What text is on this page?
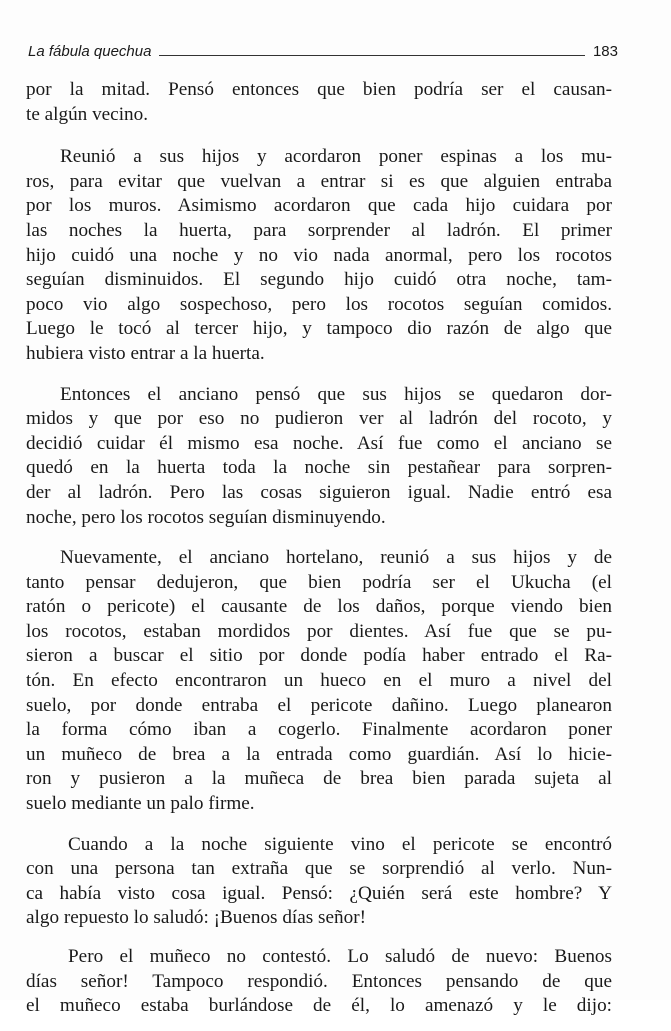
La fábula quechua	183

por la mitad. Pensó entonces que bien podría ser el causan-
te algún vecino.

Reunió a sus hijos y acordaron poner espinas a los mu-
ros, para evitar que vuelvan a entrar si es que alguien entraba
por los muros. Asimismo acordaron que cada hijo cuidara por
las noches la huerta, para sorprender al ladrón. El primer
hijo cuidó una noche y no vio nada anormal, pero los rocotos
seguían disminuidos. El segundo hijo cuidó otra noche, tam-
poco vio algo sospechoso, pero los rocotos seguían comidos.
Luego le tocó al tercer hijo, y tampoco dio razón de algo que
hubiera visto entrar a la huerta.

Entonces el anciano pensó que sus hijos se quedaron dor-
midos y que por eso no pudieron ver al ladrón del rocoto, y
decidió cuidar él mismo esa noche. Así fue como el anciano se
quedó en la huerta toda la noche sin pestañear para sorpren-
der al ladrón. Pero las cosas siguieron igual. Nadie entró esa
noche, pero los rocotos seguían disminuyendo.

Nuevamente, el anciano hortelano, reunió a sus hijos y de
tanto pensar dedujeron, que bien podría ser el Ukucha (el
ratón o pericote) el causante de los daños, porque viendo bien
los rocotos, estaban mordidos por dientes. Así fue que se pu-
sieron a buscar el sitio por donde podía haber entrado el Ra-
tón. En efecto encontraron un hueco en el muro a nivel del
suelo, por donde entraba el pericote dañino. Luego planearon
la forma cómo iban a cogerlo. Finalmente acordaron poner
un muñeco de brea a la entrada como guardián. Así lo hicie-
ron y pusieron a la muñeca de brea bien parada sujeta al
suelo mediante un palo firme.

Cuando a la noche siguiente vino el pericote se encontró
con una persona tan extraña que se sorprendió al verlo. Nun-
ca había visto cosa igual. Pensó: ¿Quién será este hombre? Y
algo repuesto lo saludó: ¡Buenos días señor!

Pero el muñeco no contestó. Lo saludó de nuevo: Buenos
días señor! Tampoco respondió. Entonces pensando de que
el muñeco estaba burlándose de él, lo amenazó y le dijo:
